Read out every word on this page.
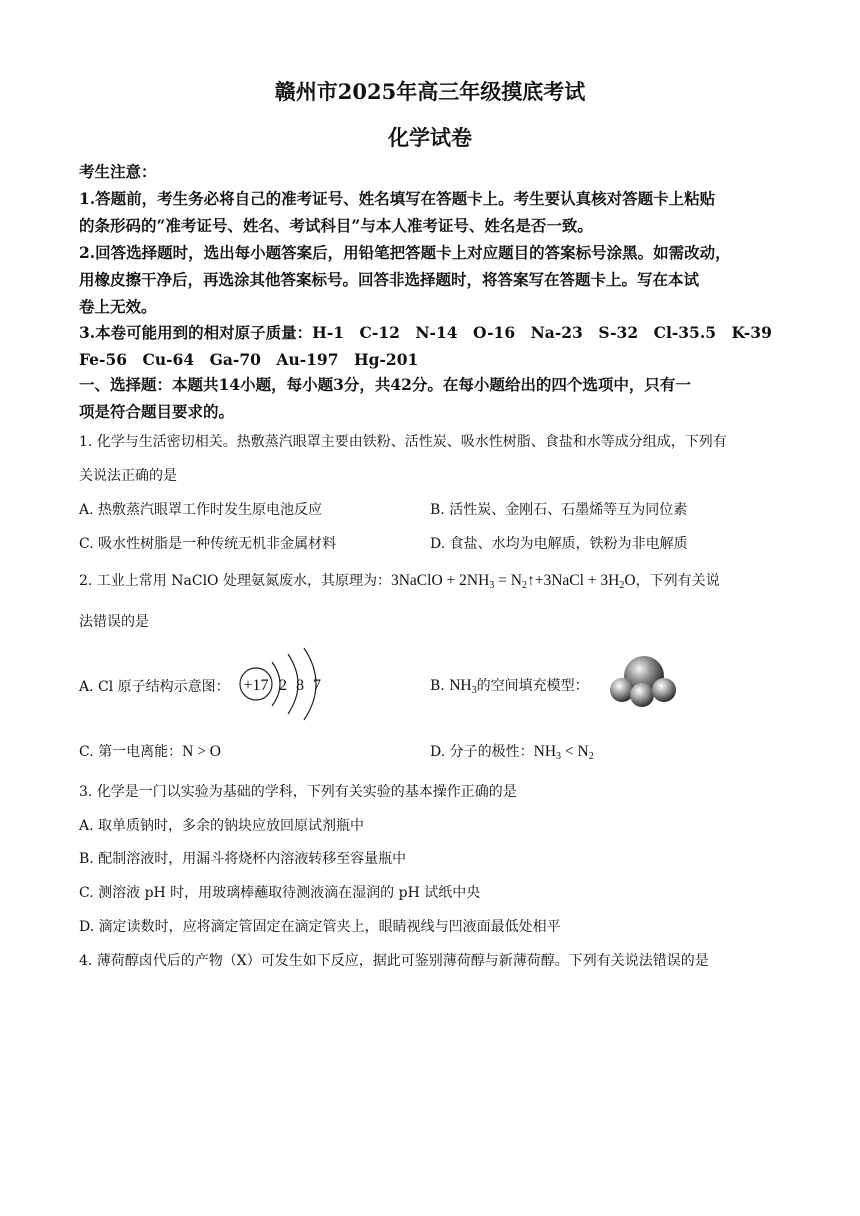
赣州市2025年高三年级摸底考试
化学试卷
考生注意：
1.答题前，考生务必将自己的准考证号、姓名填写在答题卡上。考生要认真核对答题卡上粘贴
的条形码的“准考证号、姓名、考试科目”与本人准考证号、姓名是否一致。
2.回答选择题时，选出每小题答案后，用铅笔把答题卡上对应题目的答案标号涂黑。如需改动，
用橡皮擦干净后，再选涂其他答案标号。回答非选择题时，将答案写在答题卡上。写在本试
卷上无效。
3.本卷可能用到的相对原子质量：H-1　C-12　N-14　O-16　Na-23　S-32　Cl-35.5　K-39
Fe-56　Cu-64　Ga-70　Au-197　Hg-201
一、选择题：本题共14小题，每小题3分，共42分。在每小题给出的四个选项中，只有一
项是符合题目要求的。
1. 化学与生活密切相关。热敷蒸汽眼罩主要由铁粉、活性炭、吸水性树脂、食盐和水等成分组成，下列有
关说法正确的是
A. 热敷蒸汽眼罩工作时发生原电池反应	B. 活性炭、金刚石、石墨烯等互为同位素
C. 吸水性树脂是一种传统无机非金属材料	D. 食盐、水均为电解质，铁粉为非电解质
2. 工业上常用 NaClO 处理氨氮废水，其原理为：3NaClO + $2NH_3$ = $N_2↑+3NaCl + 3H_2O$，下列有关说
法错误的是
A. Cl 原子结构示意图： +17 2 8 7	B. $NH_3$的空间填充模型：
C. 第一电离能：N > O	D. 分子的极性：$NH_3 < N_2$
3. 化学是一门以实验为基础的学科，下列有关实验的基本操作正确的是
A. 取单质钠时，多余的钠块应放回原试剂瓶中
B. 配制溶液时，用漏斗将烧杯内溶液转移至容量瓶中
C. 测溶液 pH 时，用玻璃棒蘸取待测液滴在湿润的 pH 试纸中央
D. 滴定读数时，应将滴定管固定在滴定管夹上，眼睛视线与凹液面最低处相平
4. 薄荷醇卤代后的产物（X）可发生如下反应，据此可鉴别薄荷醇与新薄荷醇。下列有关说法错误的是
